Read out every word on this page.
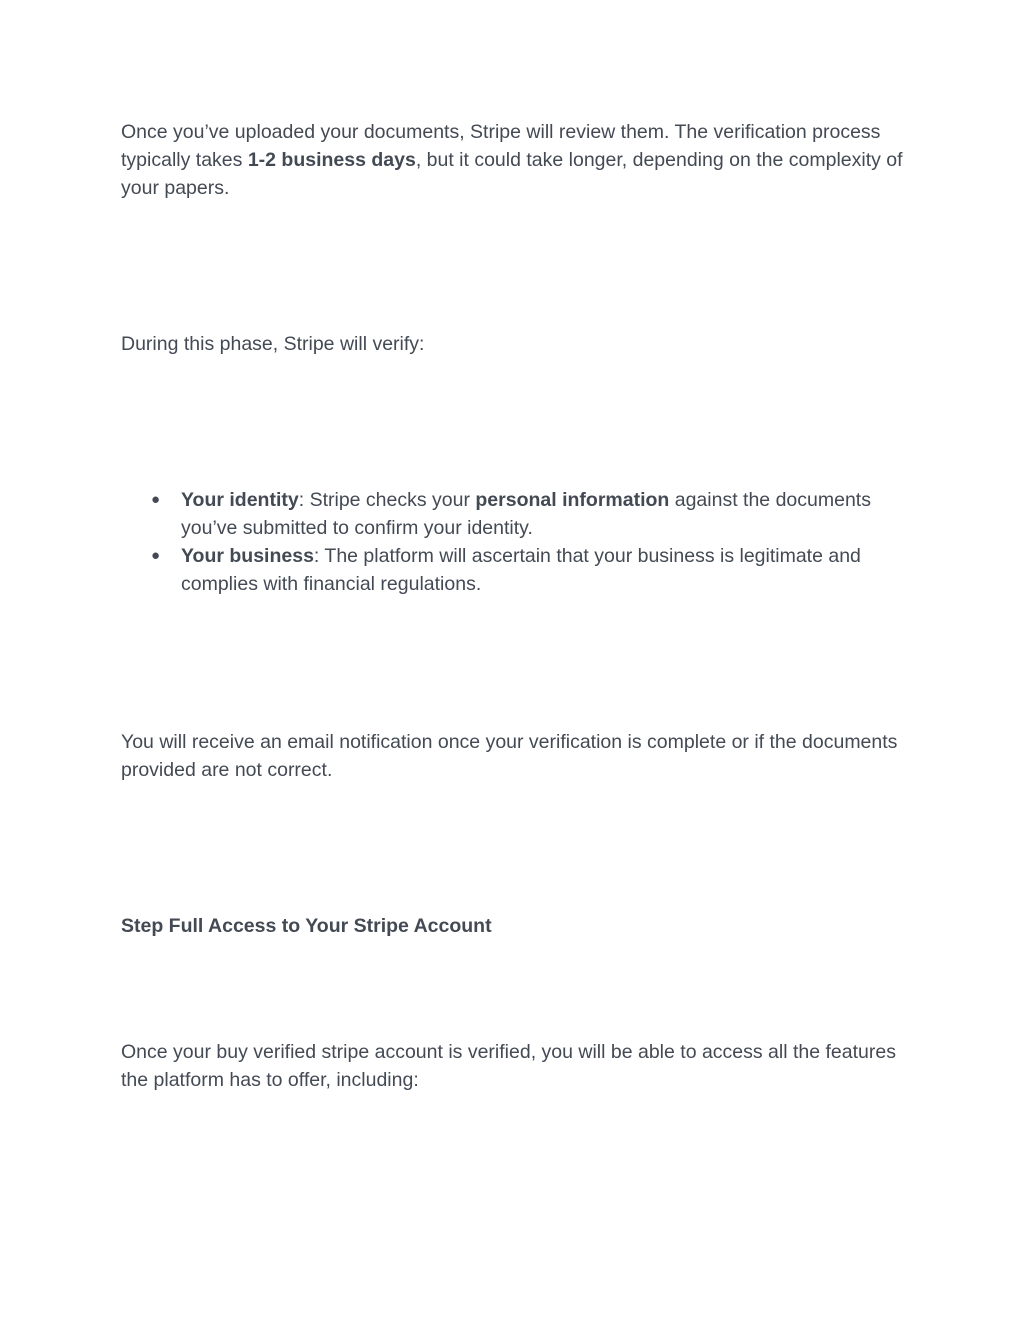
Once you’ve uploaded your documents, Stripe will review them. The verification process typically takes 1-2 business days, but it could take longer, depending on the complexity of your papers.

During this phase, Stripe will verify:

● Your identity: Stripe checks your personal information against the documents you’ve submitted to confirm your identity.
● Your business: The platform will ascertain that your business is legitimate and complies with financial regulations.

You will receive an email notification once your verification is complete or if the documents provided are not correct.

Step Full Access to Your Stripe Account

Once your buy verified stripe account is verified, you will be able to access all the features the platform has to offer, including:
